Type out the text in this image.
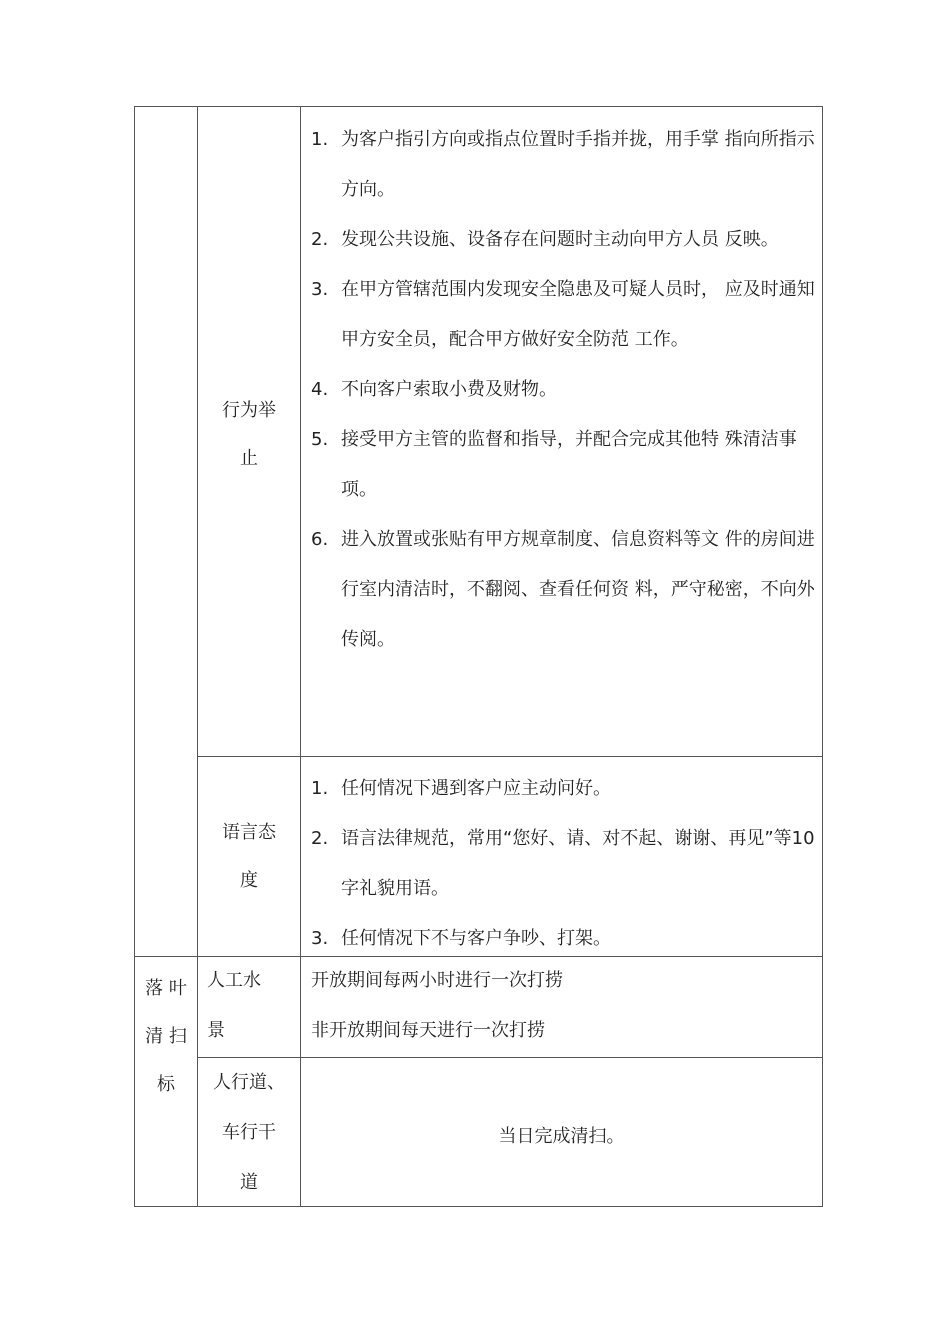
行为举
止
1. 为客户指引方向或指点位置时手指并拢，用手掌 指向所指示方向。
2. 发现公共设施、设备存在问题时主动向甲方人员 反映。
3. 在甲方管辖范围内发现安全隐患及可疑人员时， 应及时通知甲方安全员，配合甲方做好安全防范 工作。
4. 不向客户索取小费及财物。
5. 接受甲方主管的监督和指导，并配合完成其他特 殊清洁事项。
6. 进入放置或张贴有甲方规章制度、信息资料等文 件的房间进行室内清洁时，不翻阅、查看任何资 料，严守秘密，不向外传阅。
语言态
度
1. 任何情况下遇到客户应主动问好。
2. 语言法律规范，常用“您好、请、对不起、谢谢、再见”等10字礼貌用语。
3. 任何情况下不与客户争吵、打架。
落 叶
清 扫
标
人工水
景
开放期间每两小时进行一次打捞
非开放期间每天进行一次打捞
人行道、
车行干
道
当日完成清扫。
